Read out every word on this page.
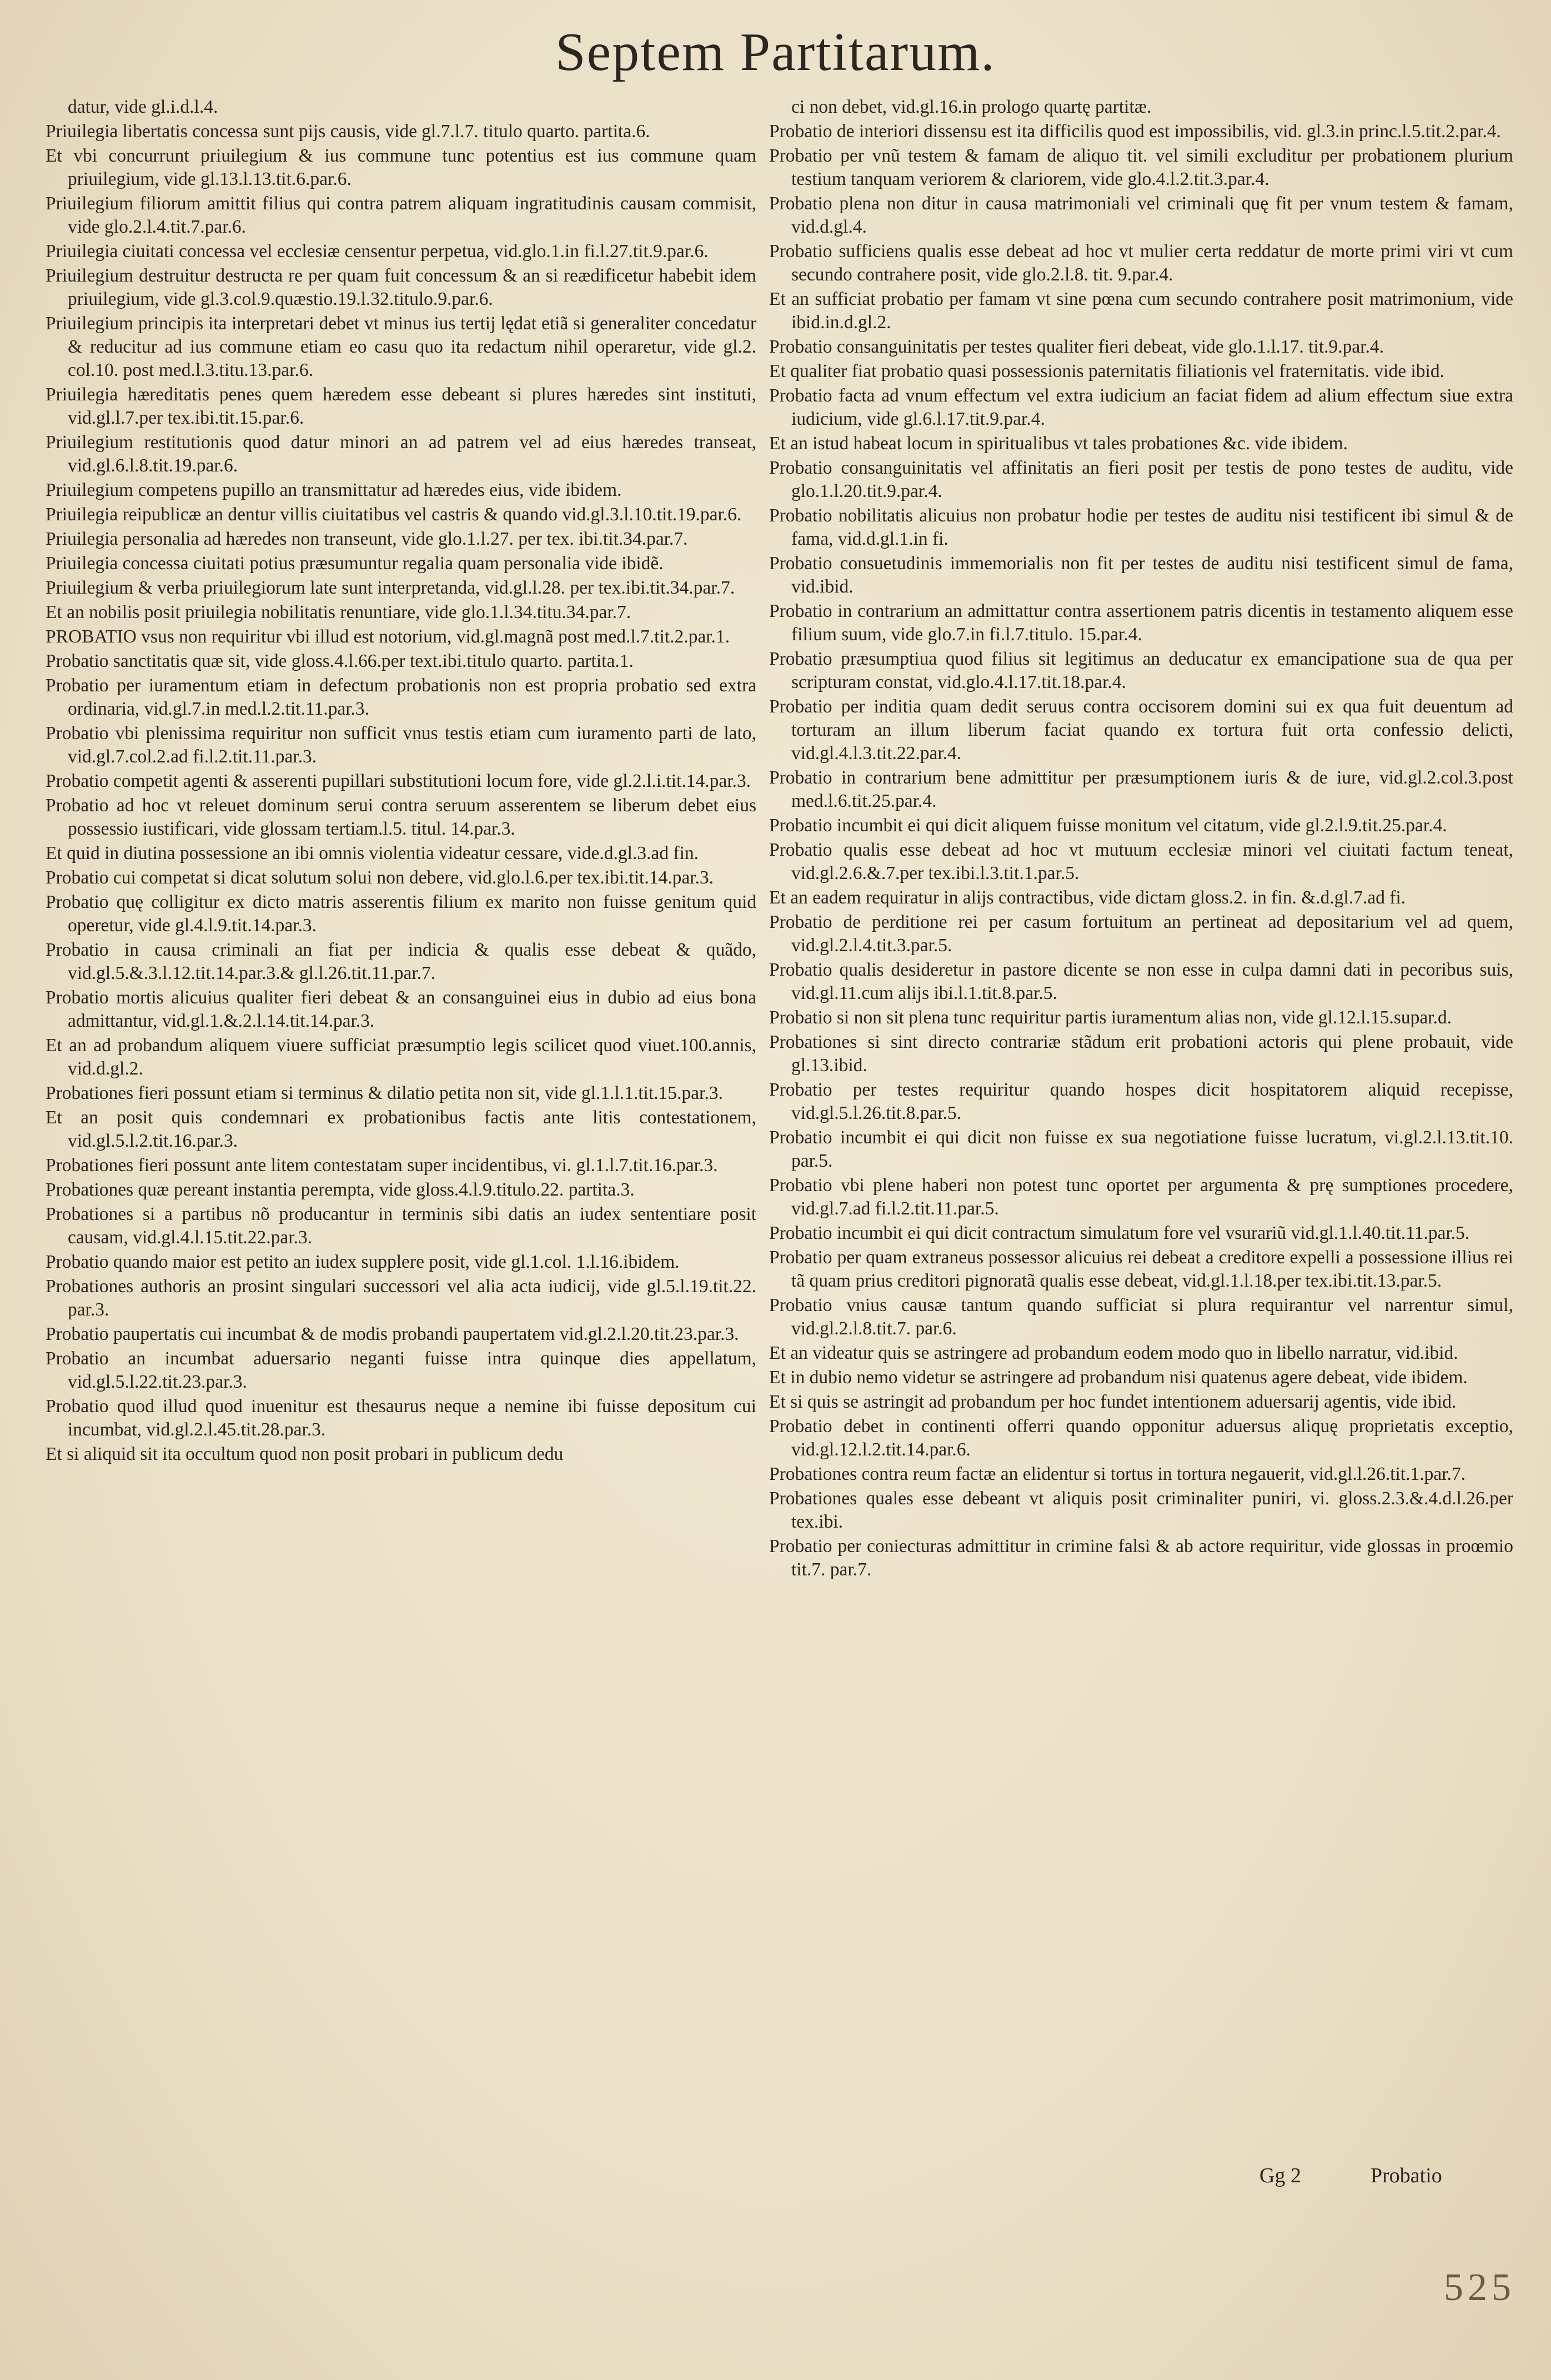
Septem Partitarum.

datur, vide gl.i.d.l.4.

Priuilegia libertatis concessa sunt pijs causis, vide gl.7.l.7. titulo quarto. partita.6.

Et vbi concurrunt priuilegium & ius commune tunc potentius est ius commune quam priuilegium, vide gl.13.l.13.tit.6.par.6.

Priuilegium filiorum amittit filius qui contra patrem aliquam ingratitudinis causam commisit, vide glo.2.l.4.tit.7.par.6.

Priuilegia ciuitati concessa vel ecclesiæ censentur perpetua, vid.glo.1.in fi.l.27.tit.9.par.6.

Priuilegium destruitur destructa re per quam fuit concessum & an si reædificetur habebit idem priuilegium, vide gl.3.col.9.quæstio.19.l.32.titulo.9.par.6.

Priuilegium principis ita interpretari debet vt minus ius tertij lędat etiã si generaliter concedatur & reducitur ad ius commune etiam eo casu quo ita redactum nihil operaretur, vide gl.2. col.10. post med.l.3.titu.13.par.6.

Priuilegia hæreditatis penes quem hæredem esse debeant si plures hæredes sint instituti, vid.gl.l.7.per tex.ibi.tit.15.par.6.

Priuilegium restitutionis quod datur minori an ad patrem vel ad eius hæredes transeat, vid.gl.6.l.8.tit.19.par.6.

Priuilegium competens pupillo an transmittatur ad hæredes eius, vide ibidem.

Priuilegia reipublicæ an dentur villis ciuitatibus vel castris & quando vid.gl.3.l.10.tit.19.par.6.

Priuilegia personalia ad hæredes non transeunt, vide glo.1.l.27. per tex. ibi.tit.34.par.7.

Priuilegia concessa ciuitati potius præsumuntur regalia quam personalia vide ibidẽ.

Priuilegium & verba priuilegiorum late sunt interpretanda, vid.gl.l.28. per tex.ibi.tit.34.par.7.

Et an nobilis posit priuilegia nobilitatis renuntiare, vide glo.1.l.34.titu.34.par.7.

PROBATIO vsus non requiritur vbi illud est notorium, vid.gl.magnã post med.l.7.tit.2.par.1.

Probatio sanctitatis quæ sit, vide gloss.4.l.66.per text.ibi.titulo quarto. partita.1.

Probatio per iuramentum etiam in defectum probationis non est propria probatio sed extra ordinaria, vid.gl.7.in med.l.2.tit.11.par.3.

Probatio vbi plenissima requiritur non sufficit vnus testis etiam cum iuramento parti de lato, vid.gl.7.col.2.ad fi.l.2.tit.11.par.3.

Probatio competit agenti & asserenti pupillari substitutioni locum fore, vide gl.2.l.i.tit.14.par.3.

Probatio ad hoc vt releuet dominum serui contra seruum asserentem se liberum debet eius possessio iustificari, vide glossam tertiam.l.5. titul. 14.par.3.

Et quid in diutina possessione an ibi omnis violentia videatur cessare, vide.d.gl.3.ad fin.

Probatio cui competat si dicat solutum solui non debere, vid.glo.l.6.per tex.ibi.tit.14.par.3.

Probatio quę colligitur ex dicto matris asserentis filium ex marito non fuisse genitum quid operetur, vide gl.4.l.9.tit.14.par.3.

Probatio in causa criminali an fiat per indicia & qualis esse debeat & quãdo, vid.gl.5.&.3.l.12.tit.14.par.3.& gl.l.26.tit.11.par.7.

Probatio mortis alicuius qualiter fieri debeat & an consanguinei eius in dubio ad eius bona admittantur, vid.gl.1.&.2.l.14.tit.14.par.3.

Et an ad probandum aliquem viuere sufficiat præsumptio legis scilicet quod viuet.100.annis, vid.d.gl.2.

Probationes fieri possunt etiam si terminus & dilatio petita non sit, vide gl.1.l.1.tit.15.par.3.

Et an posit quis condemnari ex probationibus factis ante litis contestationem, vid.gl.5.l.2.tit.16.par.3.

Probationes fieri possunt ante litem contestatam super incidentibus, vi. gl.1.l.7.tit.16.par.3.

Probationes quæ pereant instantia perempta, vide gloss.4.l.9.titulo.22. partita.3.

Probationes si a partibus nõ producantur in terminis sibi datis an iudex sententiare posit causam, vid.gl.4.l.15.tit.22.par.3.

Probatio quando maior est petito an iudex supplere posit, vide gl.1.col. 1.l.16.ibidem.

Probationes authoris an prosint singulari successori vel alia acta iudicij, vide gl.5.l.19.tit.22. par.3.

Probatio paupertatis cui incumbat & de modis probandi paupertatem vid.gl.2.l.20.tit.23.par.3.

Probatio an incumbat aduersario neganti fuisse intra quinque dies appellatum, vid.gl.5.l.22.tit.23.par.3.

Probatio quod illud quod inuenitur est thesaurus neque a nemine ibi fuisse depositum cui incumbat, vid.gl.2.l.45.tit.28.par.3.

Et si aliquid sit ita occultum quod non posit probari in publicum dedu

ci non debet, vid.gl.16.in prologo quartę partitæ.

Probatio de interiori dissensu est ita difficilis quod est impossibilis, vid. gl.3.in princ.l.5.tit.2.par.4.

Probatio per vnũ testem & famam de aliquo tit. vel simili excluditur per probationem plurium testium tanquam veriorem & clariorem, vide glo.4.l.2.tit.3.par.4.

Probatio plena non ditur in causa matrimoniali vel criminali quę fit per vnum testem & famam, vid.d.gl.4.

Probatio sufficiens qualis esse debeat ad hoc vt mulier certa reddatur de morte primi viri vt cum secundo contrahere posit, vide glo.2.l.8. tit. 9.par.4.

Et an sufficiat probatio per famam vt sine pœna cum secundo contrahere posit matrimonium, vide ibid.in.d.gl.2.

Probatio consanguinitatis per testes qualiter fieri debeat, vide glo.1.l.17. tit.9.par.4.

Et qualiter fiat probatio quasi possessionis paternitatis filiationis vel fraternitatis. vide ibid.

Probatio facta ad vnum effectum vel extra iudicium an faciat fidem ad alium effectum siue extra iudicium, vide gl.6.l.17.tit.9.par.4.

Et an istud habeat locum in spiritualibus vt tales probationes &c. vide ibidem.

Probatio consanguinitatis vel affinitatis an fieri posit per testis de pono testes de auditu, vide glo.1.l.20.tit.9.par.4.

Probatio nobilitatis alicuius non probatur hodie per testes de auditu nisi testificent ibi simul & de fama, vid.d.gl.1.in fi.

Probatio consuetudinis immemorialis non fit per testes de auditu nisi testificent simul de fama, vid.ibid.

Probatio in contrarium an admittattur contra assertionem patris dicentis in testamento aliquem esse filium suum, vide glo.7.in fi.l.7.titulo. 15.par.4.

Probatio præsumptiua quod filius sit legitimus an deducatur ex emancipatione sua de qua per scripturam constat, vid.glo.4.l.17.tit.18.par.4.

Probatio per inditia quam dedit seruus contra occisorem domini sui ex qua fuit deuentum ad torturam an illum liberum faciat quando ex tortura fuit orta confessio delicti, vid.gl.4.l.3.tit.22.par.4.

Probatio in contrarium bene admittitur per præsumptionem iuris & de iure, vid.gl.2.col.3.post med.l.6.tit.25.par.4.

Probatio incumbit ei qui dicit aliquem fuisse monitum vel citatum, vide gl.2.l.9.tit.25.par.4.

Probatio qualis esse debeat ad hoc vt mutuum ecclesiæ minori vel ciuitati factum teneat, vid.gl.2.6.&.7.per tex.ibi.l.3.tit.1.par.5.

Et an eadem requiratur in alijs contractibus, vide dictam gloss.2. in fin. &.d.gl.7.ad fi.

Probatio de perditione rei per casum fortuitum an pertineat ad depositarium vel ad quem, vid.gl.2.l.4.tit.3.par.5.

Probatio qualis desideretur in pastore dicente se non esse in culpa damni dati in pecoribus suis, vid.gl.11.cum alijs ibi.l.1.tit.8.par.5.

Probatio si non sit plena tunc requiritur partis iuramentum alias non, vide gl.12.l.15.supar.d.

Probationes si sint directo contrariæ stãdum erit probationi actoris qui plene probauit, vide gl.13.ibid.

Probatio per testes requiritur quando hospes dicit hospitatorem aliquid recepisse, vid.gl.5.l.26.tit.8.par.5.

Probatio incumbit ei qui dicit non fuisse ex sua negotiatione fuisse lucratum, vi.gl.2.l.13.tit.10. par.5.

Probatio vbi plene haberi non potest tunc oportet per argumenta & prę sumptiones procedere, vid.gl.7.ad fi.l.2.tit.11.par.5.

Probatio incumbit ei qui dicit contractum simulatum fore vel vsurariũ vid.gl.1.l.40.tit.11.par.5.

Probatio per quam extraneus possessor alicuius rei debeat a creditore expelli a possessione illius rei tã quam prius creditori pignoratã qualis esse debeat, vid.gl.1.l.18.per tex.ibi.tit.13.par.5.

Probatio vnius causæ tantum quando sufficiat si plura requirantur vel narrentur simul, vid.gl.2.l.8.tit.7. par.6.

Et an videatur quis se astringere ad probandum eodem modo quo in libello narratur, vid.ibid.

Et in dubio nemo videtur se astringere ad probandum nisi quatenus agere debeat, vide ibidem.

Et si quis se astringit ad probandum per hoc fundet intentionem aduersarij agentis, vide ibid.

Probatio debet in continenti offerri quando opponitur aduersus aliquę proprietatis exceptio, vid.gl.12.l.2.tit.14.par.6.

Probationes contra reum factæ an elidentur si tortus in tortura negauerit, vid.gl.l.26.tit.1.par.7.

Probationes quales esse debeant vt aliquis posit criminaliter puniri, vi. gloss.2.3.&.4.d.l.26.per tex.ibi.

Probatio per coniecturas admittitur in crimine falsi & ab actore requiritur, vide glossas in proœmio tit.7. par.7.

Gg 2	Probatio
525
